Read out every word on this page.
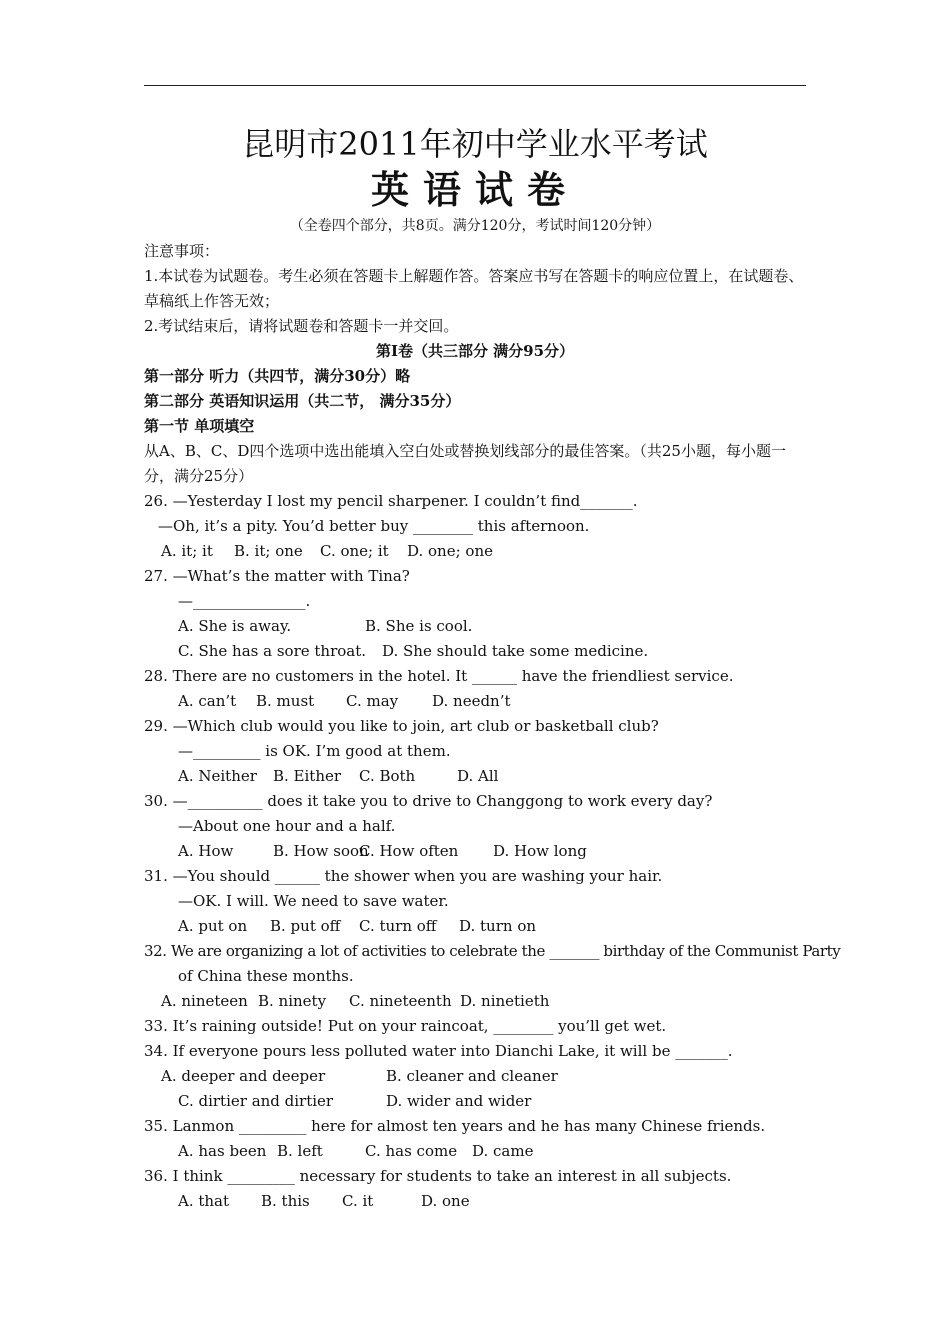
昆明市2011年初中学业水平考试
英语试卷
（全卷四个部分，共8页。满分120分，考试时间120分钟）
注意事项：
1.本试卷为试题卷。考生必须在答题卡上解题作答。答案应书写在答题卡的响应位置上，在试题卷、草稿纸上作答无效；
2.考试结束后，请将试题卷和答题卡一并交回。
第I卷（共三部分 满分95分）
第一部分 听力（共四节，满分30分）略
第二部分 英语知识运用（共二节， 满分35分）
第一节 单项填空
从A、B、C、D四个选项中选出能填入空白处或替换划线部分的最佳答案。（共25小题，每小题一分，满分25分）
26. —Yesterday I lost my pencil sharpener. I couldn’t find_______.
—Oh, it’s a pity. You’d better buy ________ this afternoon.
A. it; it B. it; one C. one; it D. one; one
27. —What’s the matter with Tina?
—_______________.
A. She is away.	B. She is cool.
C. She has a sore throat. D. She should take some medicine.
28. There are no customers in the hotel. It ______ have the friendliest service.
A. can’t B. must C. may D. needn’t
29. —Which club would you like to join, art club or basketball club?
—_________ is OK. I’m good at them.
A. Neither B. Either C. Both	D. All
30. —__________ does it take you to drive to Changgong to work every day?
—About one hour and a half.
A. How	B. How soonC. How often D. How long
31. —You should ______ the shower when you are washing your hair.
—OK. I will. We need to save water.
A. put on B. put off C. turn off D. turn on
32. We are organizing a lot of activities to celebrate the _______ birthday of the Communist Party
of China these months.
A. nineteen B. ninety C. nineteenth D. ninetieth
33. It’s raining outside! Put on your raincoat, ________ you’ll get wet.
34. If everyone pours less polluted water into Dianchi Lake, it will be _______.
A. deeper and deeper	B. cleaner and cleaner
C. dirtier and dirtier	D. wider and wider
35. Lanmon _________ here for almost ten years and he has many Chinese friends.
A. has been B. left	C. has come D. came
36. I think _________ necessary for students to take an interest in all subjects.
A. that B. this C. it	D. one
